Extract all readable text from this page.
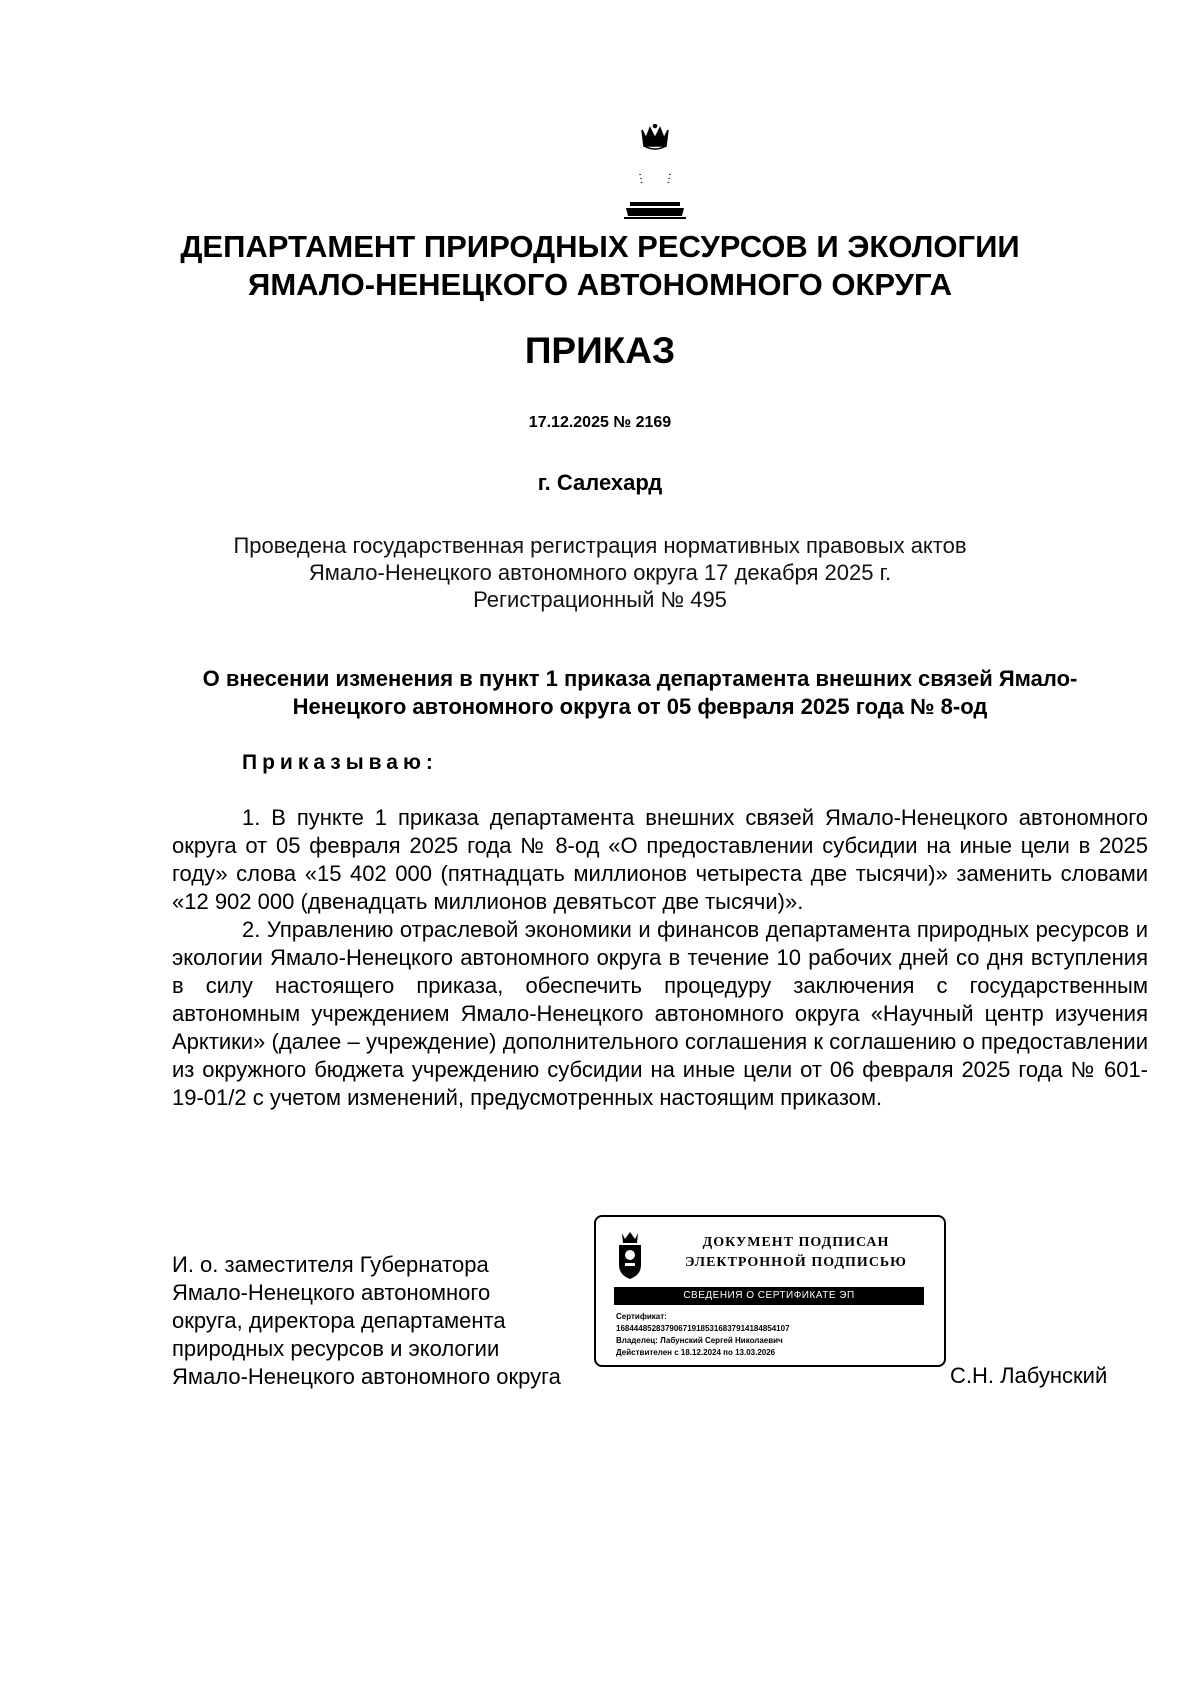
ДЕПАРТАМЕНТ ПРИРОДНЫХ РЕСУРСОВ И ЭКОЛОГИИ
ЯМАЛО-НЕНЕЦКОГО АВТОНОМНОГО ОКРУГА
ПРИКАЗ
17.12.2025 № 2169
г. Салехард
Проведена государственная регистрация нормативных правовых актов
Ямало-Ненецкого автономного округа 17 декабря 2025 г.
Регистрационный № 495
О внесении изменения в пункт 1 приказа департамента внешних связей Ямало-
Ненецкого автономного округа от 05 февраля 2025 года № 8-од
Приказываю:

1. В пункте 1 приказа департамента внешних связей Ямало-Ненецкого автономного округа от 05 февраля 2025 года № 8-од «О предоставлении субсидии на иные цели в 2025 году» слова «15 402 000 (пятнадцать миллионов четыреста две тысячи)» заменить словами «12 902 000 (двенадцать миллионов девятьсот две тысячи)».

2. Управлению отраслевой экономики и финансов департамента природных ресурсов и экологии Ямало-Ненецкого автономного округа в течение 10 рабочих дней со дня вступления в силу настоящего приказа, обеспечить процедуру заключения с государственным автономным учреждением Ямало-Ненецкого автономного округа «Научный центр изучения Арктики» (далее – учреждение) дополнительного соглашения к соглашению о предоставлении из окружного бюджета учреждению субсидии на иные цели от 06 февраля 2025 года № 601-19-01/2 с учетом изменений, предусмотренных настоящим приказом.

И. о. заместителя Губернатора
Ямало-Ненецкого автономного
округа, директора департамента
природных ресурсов и экологии
Ямало-Ненецкого автономного округа
ДОКУМЕНТ ПОДПИСАН
ЭЛЕКТРОННОЙ ПОДПИСЬЮ
СВЕДЕНИЯ О СЕРТИФИКАТЕ ЭП
Сертификат:
168444852837906719185316837914184854107
Владелец: Лабунский Сергей Николаевич
Действителен с 18.12.2024 по 13.03.2026
С.Н. Лабунский
